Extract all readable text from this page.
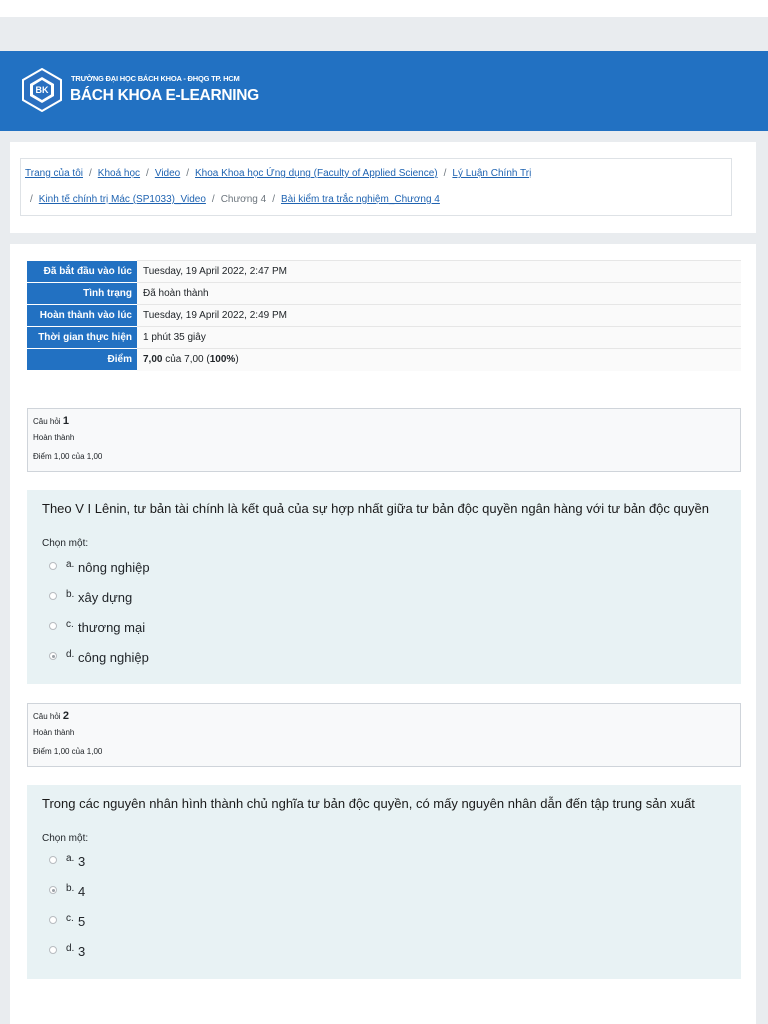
BK
TRƯỜNG ĐẠI HỌC BÁCH KHOA - ĐHQG TP. HCM
BÁCH KHOA E-LEARNING
Trang của tôi / Khoá học / Video / Khoa Khoa học Ứng dụng (Faculty of Applied Science) / Lý Luận Chính Trị
/ Kinh tế chính trị Mác (SP1033)_Video / Chương 4 / Bài kiểm tra trắc nghiệm_Chương 4
Đã bắt đầu vào lúc	Tuesday, 19 April 2022, 2:47 PM
Tình trạng	Đã hoàn thành
Hoàn thành vào lúc	Tuesday, 19 April 2022, 2:49 PM
Thời gian thực hiện	1 phút 35 giây
Điểm	7,00 của 7,00 (100%)
Câu hỏi 1
Hoàn thành
Điểm 1,00 của 1,00
Theo V I Lênin, tư bản tài chính là kết quả của sự hợp nhất giữa tư bản độc quyền ngân hàng với tư bản độc quyền
Chọn một:
a. nông nghiệp
b. xây dựng
c. thương mại
d. công nghiệp
Câu hỏi 2
Hoàn thành
Điểm 1,00 của 1,00
Trong các nguyên nhân hình thành chủ nghĩa tư bản độc quyền, có mấy nguyên nhân dẫn đến tập trung sản xuất
Chọn một:
a. 3
b. 4
c. 5
d. 3
